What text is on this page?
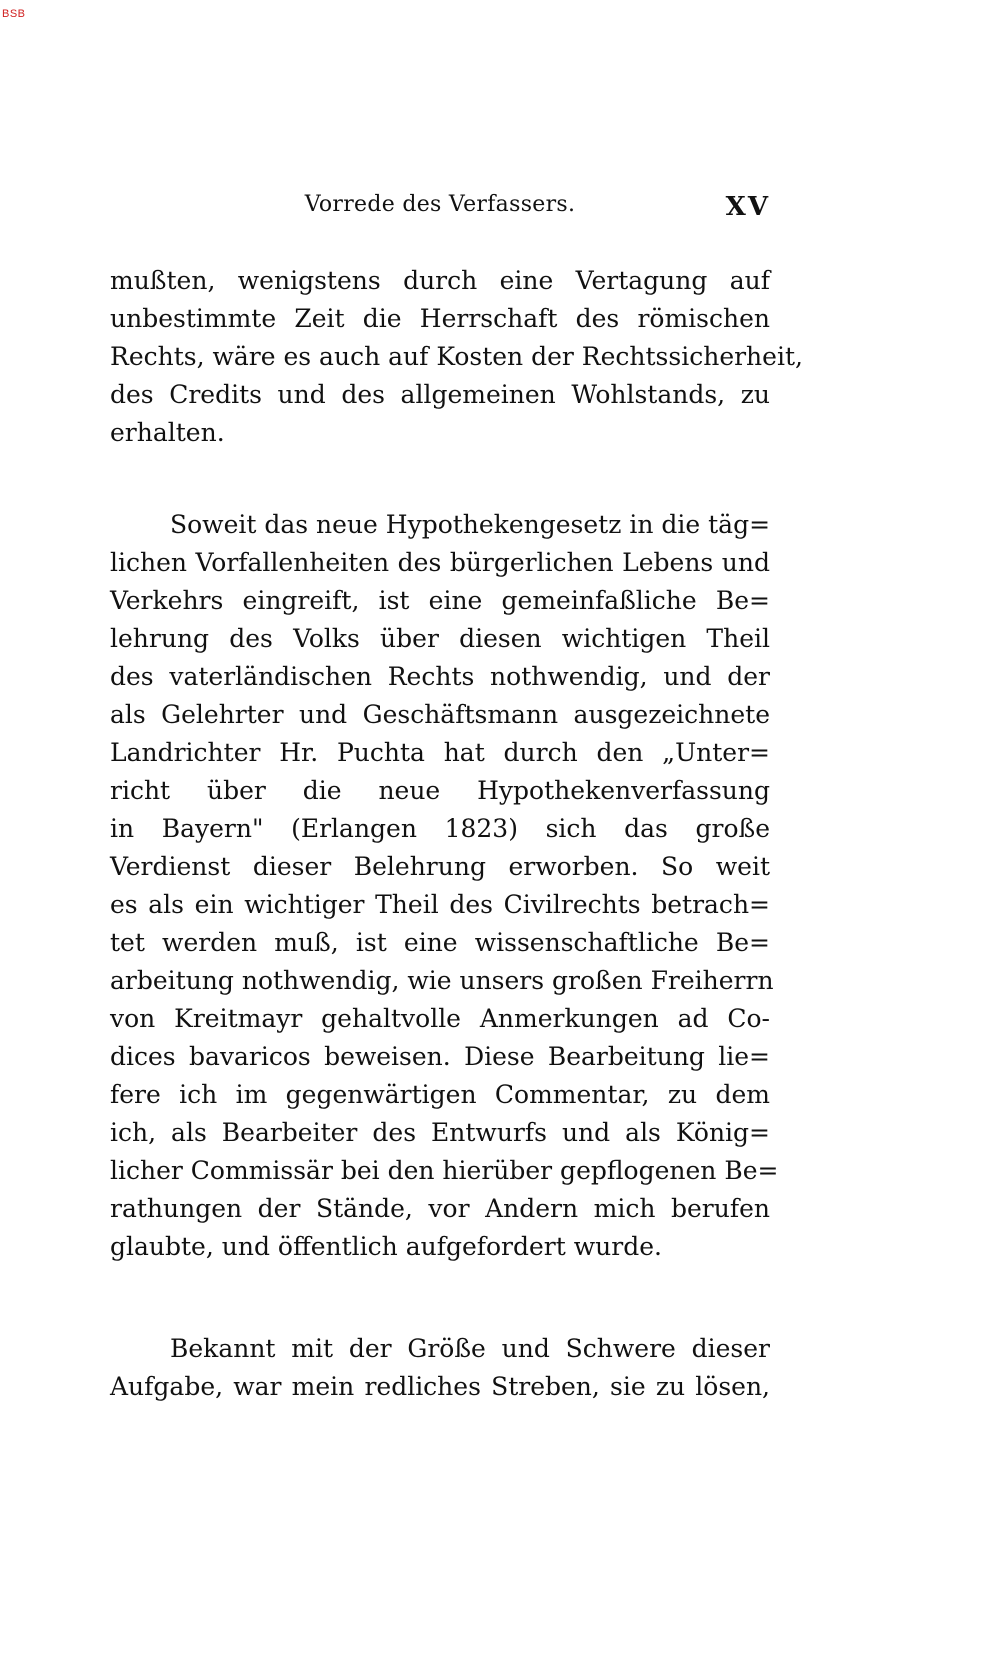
BSB
Vorrede des Verfassers.	XV
mußten, wenigstens durch eine Vertagung auf
unbestimmte Zeit die Herrschaft des römischen
Rechts, wäre es auch auf Kosten der Rechtssicherheit,
des Credits und des allgemeinen Wohlstands, zu
erhalten.
Soweit das neue Hypothekengesetz in die täg=
lichen Vorfallenheiten des bürgerlichen Lebens und
Verkehrs eingreift, ist eine gemeinfaßliche Be=
lehrung des Volks über diesen wichtigen Theil
des vaterländischen Rechts nothwendig, und der
als Gelehrter und Geschäftsmann ausgezeichnete
Landrichter Hr. Puchta hat durch den „Unter=
richt über die neue Hypothekenverfassung
in Bayern" (Erlangen 1823) sich das große
Verdienst dieser Belehrung erworben. So weit
es als ein wichtiger Theil des Civilrechts betrach=
tet werden muß, ist eine wissenschaftliche Be=
arbeitung nothwendig, wie unsers großen Freiherrn
von Kreitmayr gehaltvolle Anmerkungen ad Co-
dices bavaricos beweisen. Diese Bearbeitung lie=
fere ich im gegenwärtigen Commentar, zu dem
ich, als Bearbeiter des Entwurfs und als König=
licher Commissär bei den hierüber gepflogenen Be=
rathungen der Stände, vor Andern mich berufen
glaubte, und öffentlich aufgefordert wurde.
Bekannt mit der Größe und Schwere dieser
Aufgabe, war mein redliches Streben, sie zu lösen,
